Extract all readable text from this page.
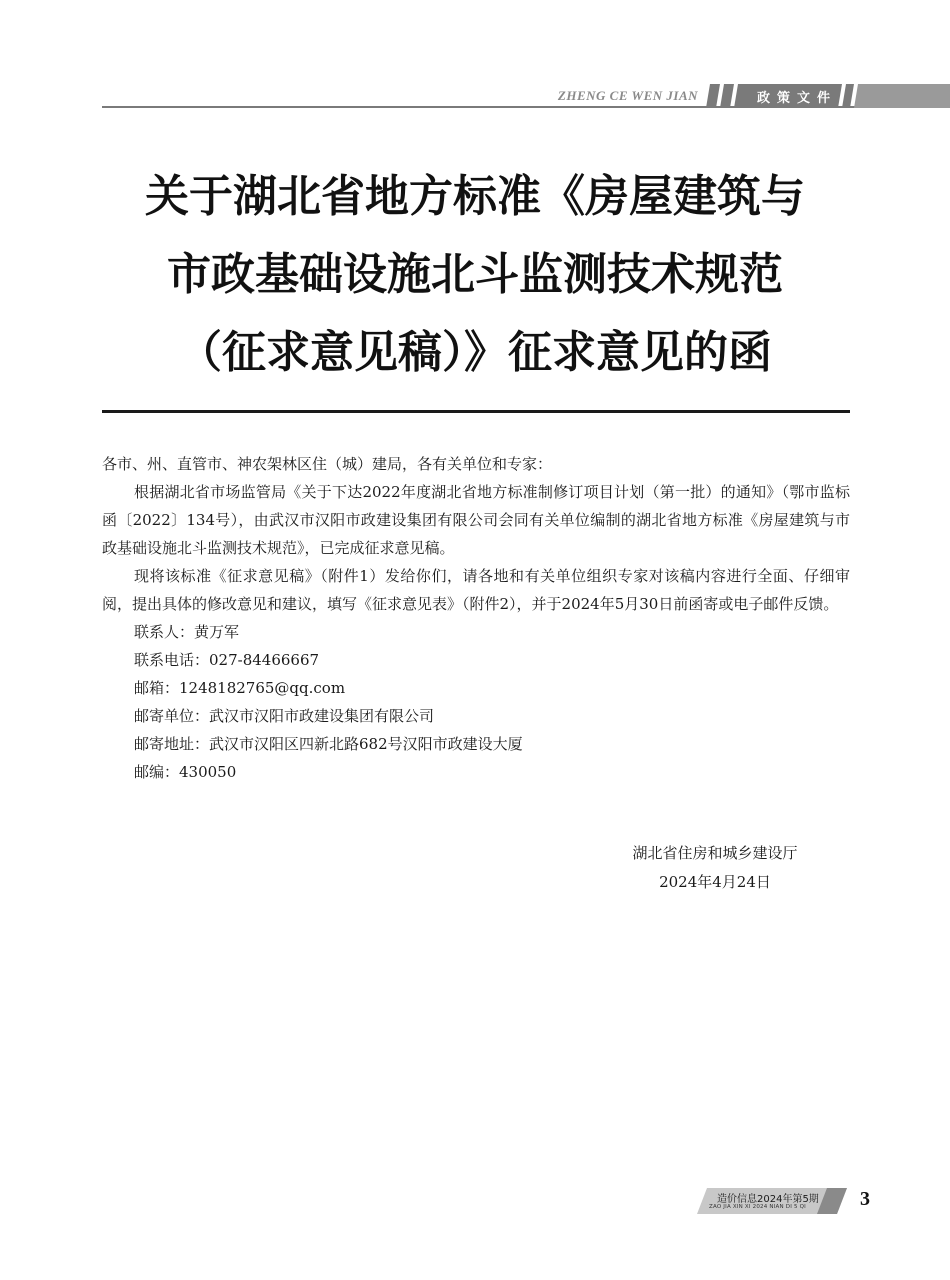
ZHENG CE WEN JIAN	政策文件
关于湖北省地方标准《房屋建筑与
市政基础设施北斗监测技术规范
（征求意见稿）》征求意见的函

各市、州、直管市、神农架林区住（城）建局，各有关单位和专家：

根据湖北省市场监管局《关于下达2022年度湖北省地方标准制修订项目计划（第一批）的通知》（鄂市监标函〔2022〕134号），由武汉市汉阳市政建设集团有限公司会同有关单位编制的湖北省地方标准《房屋建筑与市政基础设施北斗监测技术规范》，已完成征求意见稿。

现将该标准《征求意见稿》（附件1）发给你们，请各地和有关单位组织专家对该稿内容进行全面、仔细审阅，提出具体的修改意见和建议，填写《征求意见表》（附件2），并于2024年5月30日前函寄或电子邮件反馈。

联系人：黄万军

联系电话：027-84466667

邮箱：1248182765@qq.com

邮寄单位：武汉市汉阳市政建设集团有限公司

邮寄地址：武汉市汉阳区四新北路682号汉阳市政建设大厦

邮编：430050

湖北省住房和城乡建设厅
2024年4月24日
造价信息2024年第5期
ZAO JIA XIN XI 2024 NIAN DI 5 QI	3
